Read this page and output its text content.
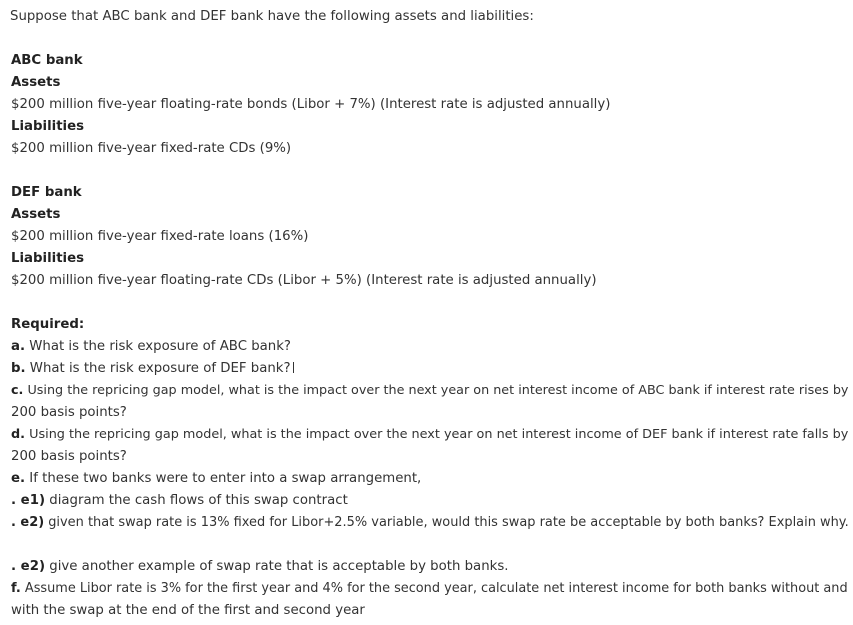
Suppose that ABC bank and DEF bank have the following assets and liabilities:
ABC bank
Assets
$200 million five-year floating-rate bonds (Libor + 7%) (Interest rate is adjusted annually)
Liabilities
$200 million five-year fixed-rate CDs (9%)
DEF bank
Assets
$200 million five-year fixed-rate loans (16%)
Liabilities
$200 million five-year floating-rate CDs (Libor + 5%) (Interest rate is adjusted annually)
Required:
a. What is the risk exposure of ABC bank?
b. What is the risk exposure of DEF bank?
c. Using the repricing gap model, what is the impact over the next year on net interest income of ABC bank if interest rate rises by
200 basis points?
d. Using the repricing gap model, what is the impact over the next year on net interest income of DEF bank if interest rate falls by
200 basis points?
e. If these two banks were to enter into a swap arrangement,
. e1) diagram the cash flows of this swap contract
. e2) given that swap rate is 13% fixed for Libor+2.5% variable, would this swap rate be acceptable by both banks? Explain why.
. e2) give another example of swap rate that is acceptable by both banks.
f. Assume Libor rate is 3% for the first year and 4% for the second year, calculate net interest income for both banks without and
with the swap at the end of the first and second year
